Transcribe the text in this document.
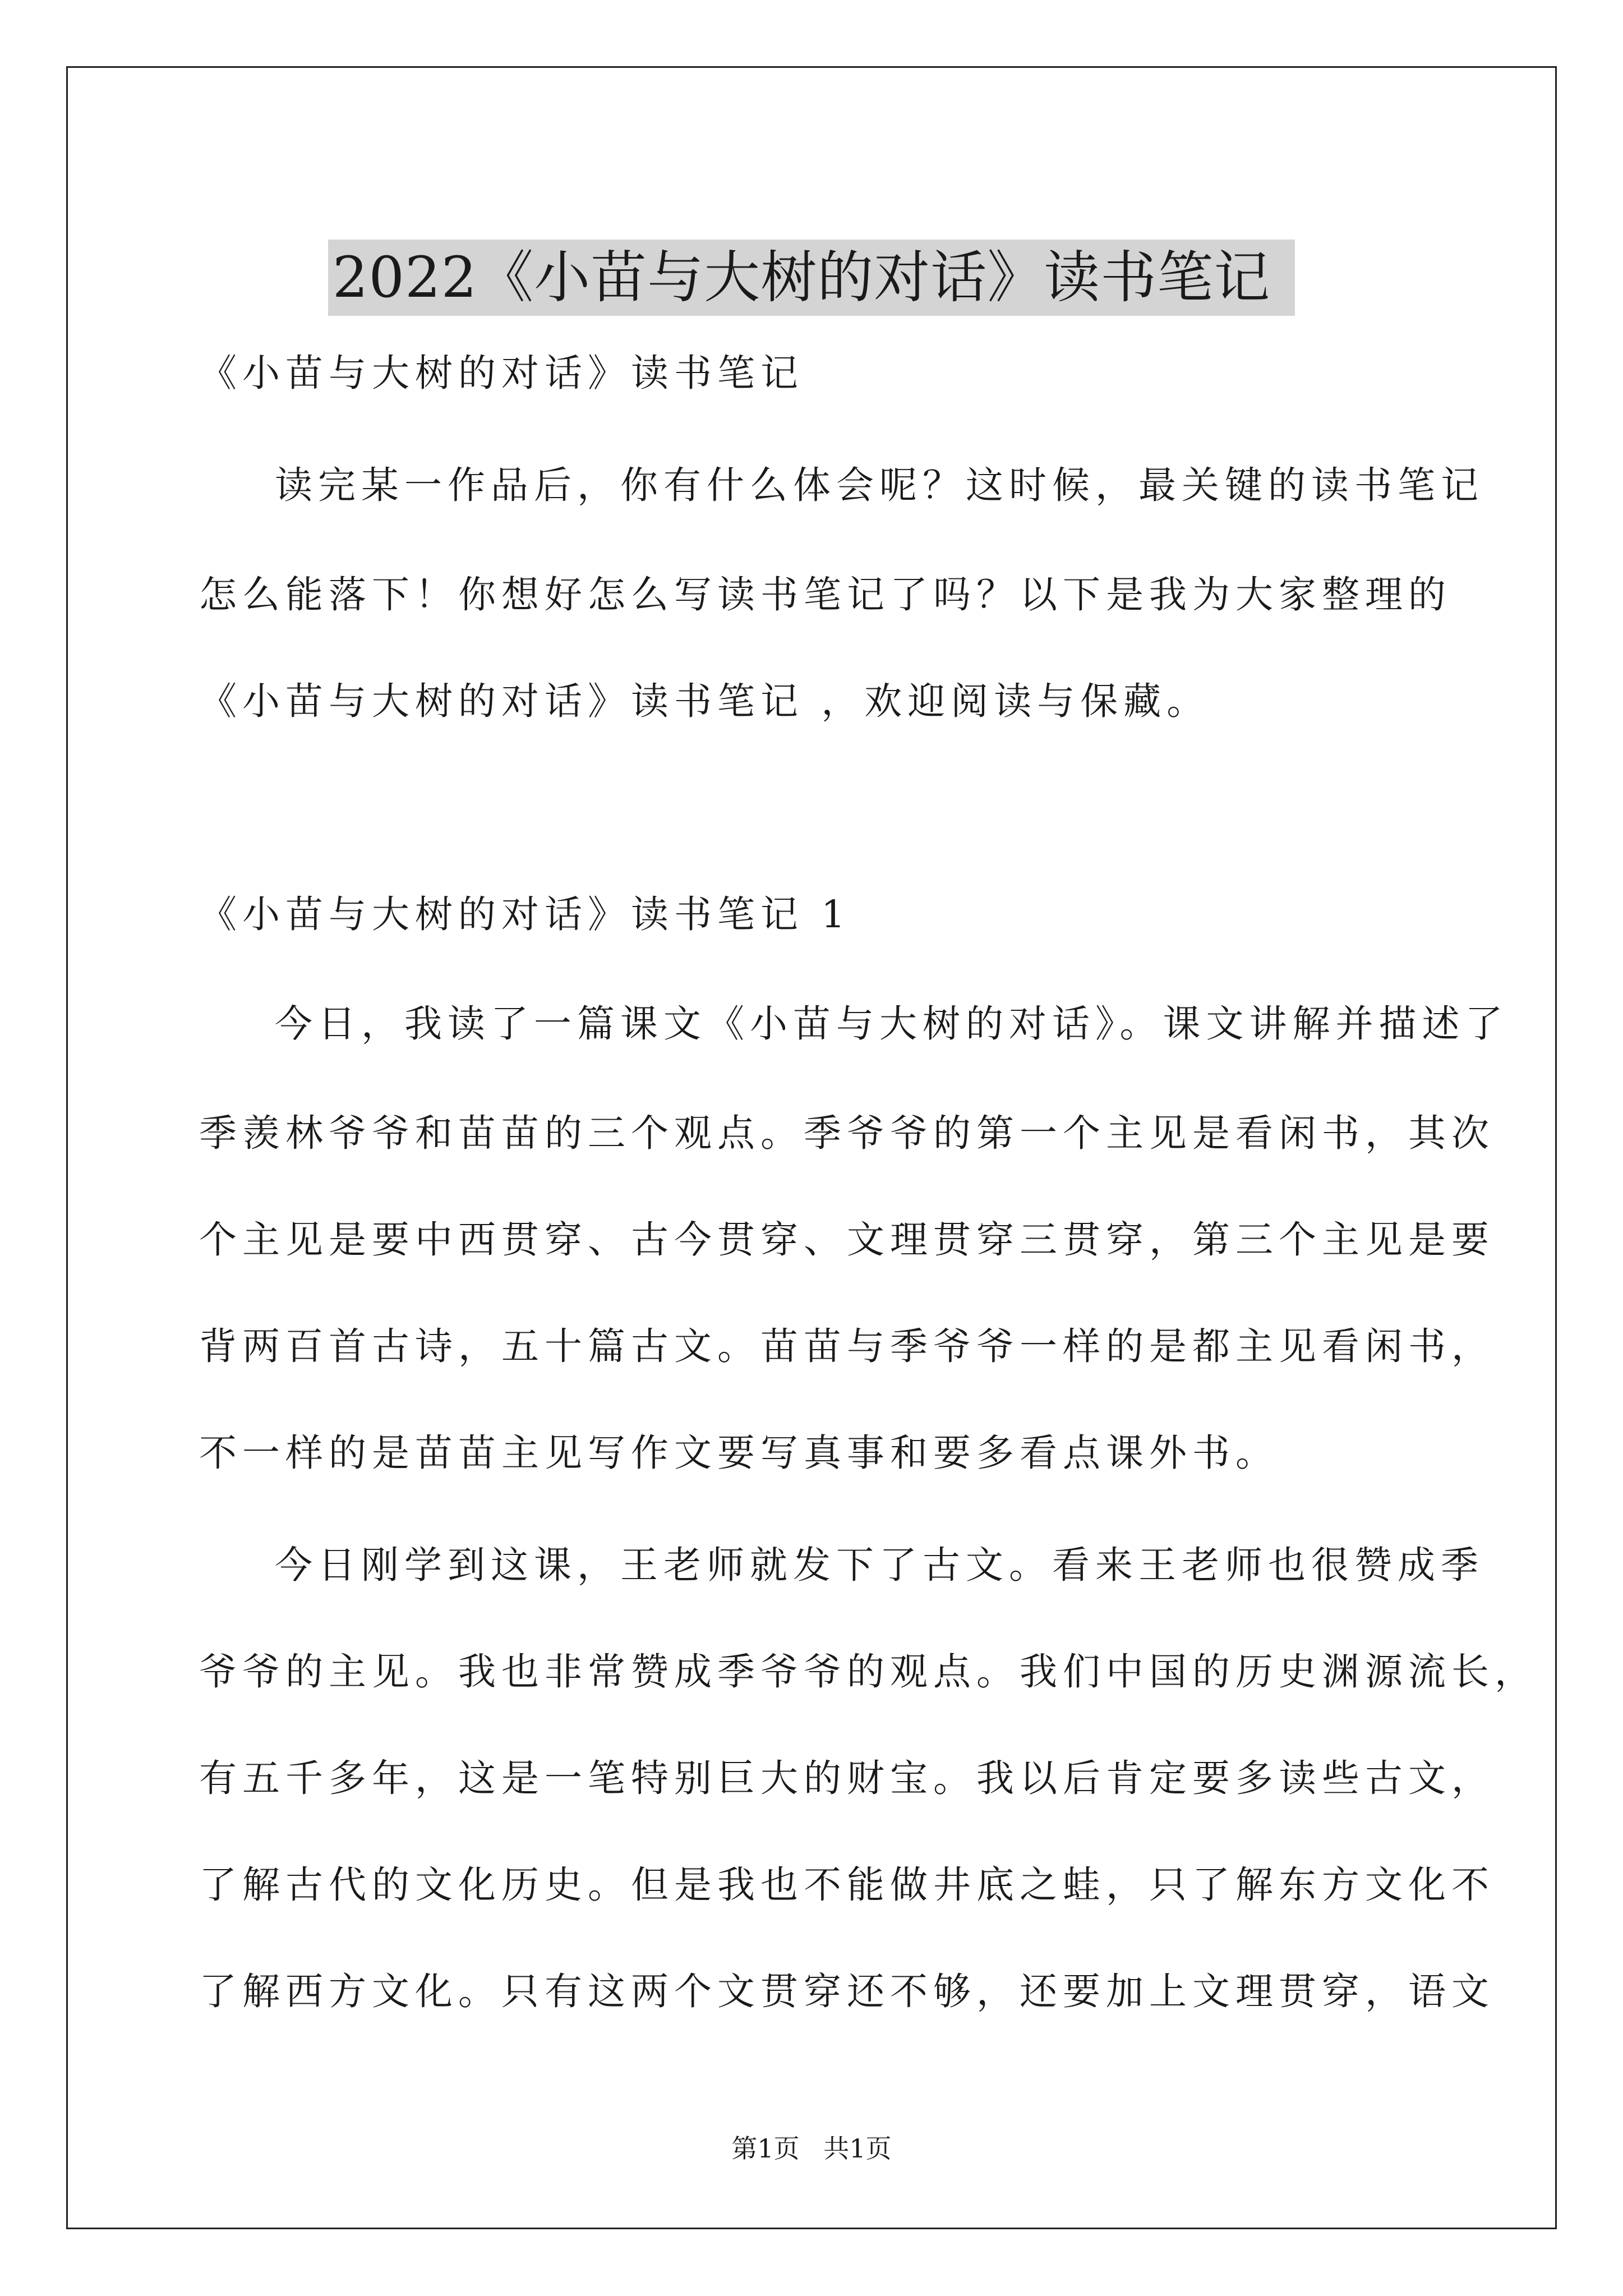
2022《小苗与大树的对话》读书笔记
《小苗与大树的对话》读书笔记
读完某一作品后，你有什么体会呢？这时候，最关键的读书笔记
怎么能落下！你想好怎么写读书笔记了吗？以下是我为大家整理的
《小苗与大树的对话》读书笔记 ，欢迎阅读与保藏。
《小苗与大树的对话》读书笔记 1
今日，我读了一篇课文《小苗与大树的对话》。课文讲解并描述了
季羡林爷爷和苗苗的三个观点。季爷爷的第一个主见是看闲书，其次
个主见是要中西贯穿、古今贯穿、文理贯穿三贯穿，第三个主见是要
背两百首古诗，五十篇古文。苗苗与季爷爷一样的是都主见看闲书，
不一样的是苗苗主见写作文要写真事和要多看点课外书。
今日刚学到这课，王老师就发下了古文。看来王老师也很赞成季
爷爷的主见。我也非常赞成季爷爷的观点。我们中国的历史渊源流长，
有五千多年，这是一笔特别巨大的财宝。我以后肯定要多读些古文，
了解古代的文化历史。但是我也不能做井底之蛙，只了解东方文化不
了解西方文化。只有这两个文贯穿还不够，还要加上文理贯穿，语文
第1页 共1页
